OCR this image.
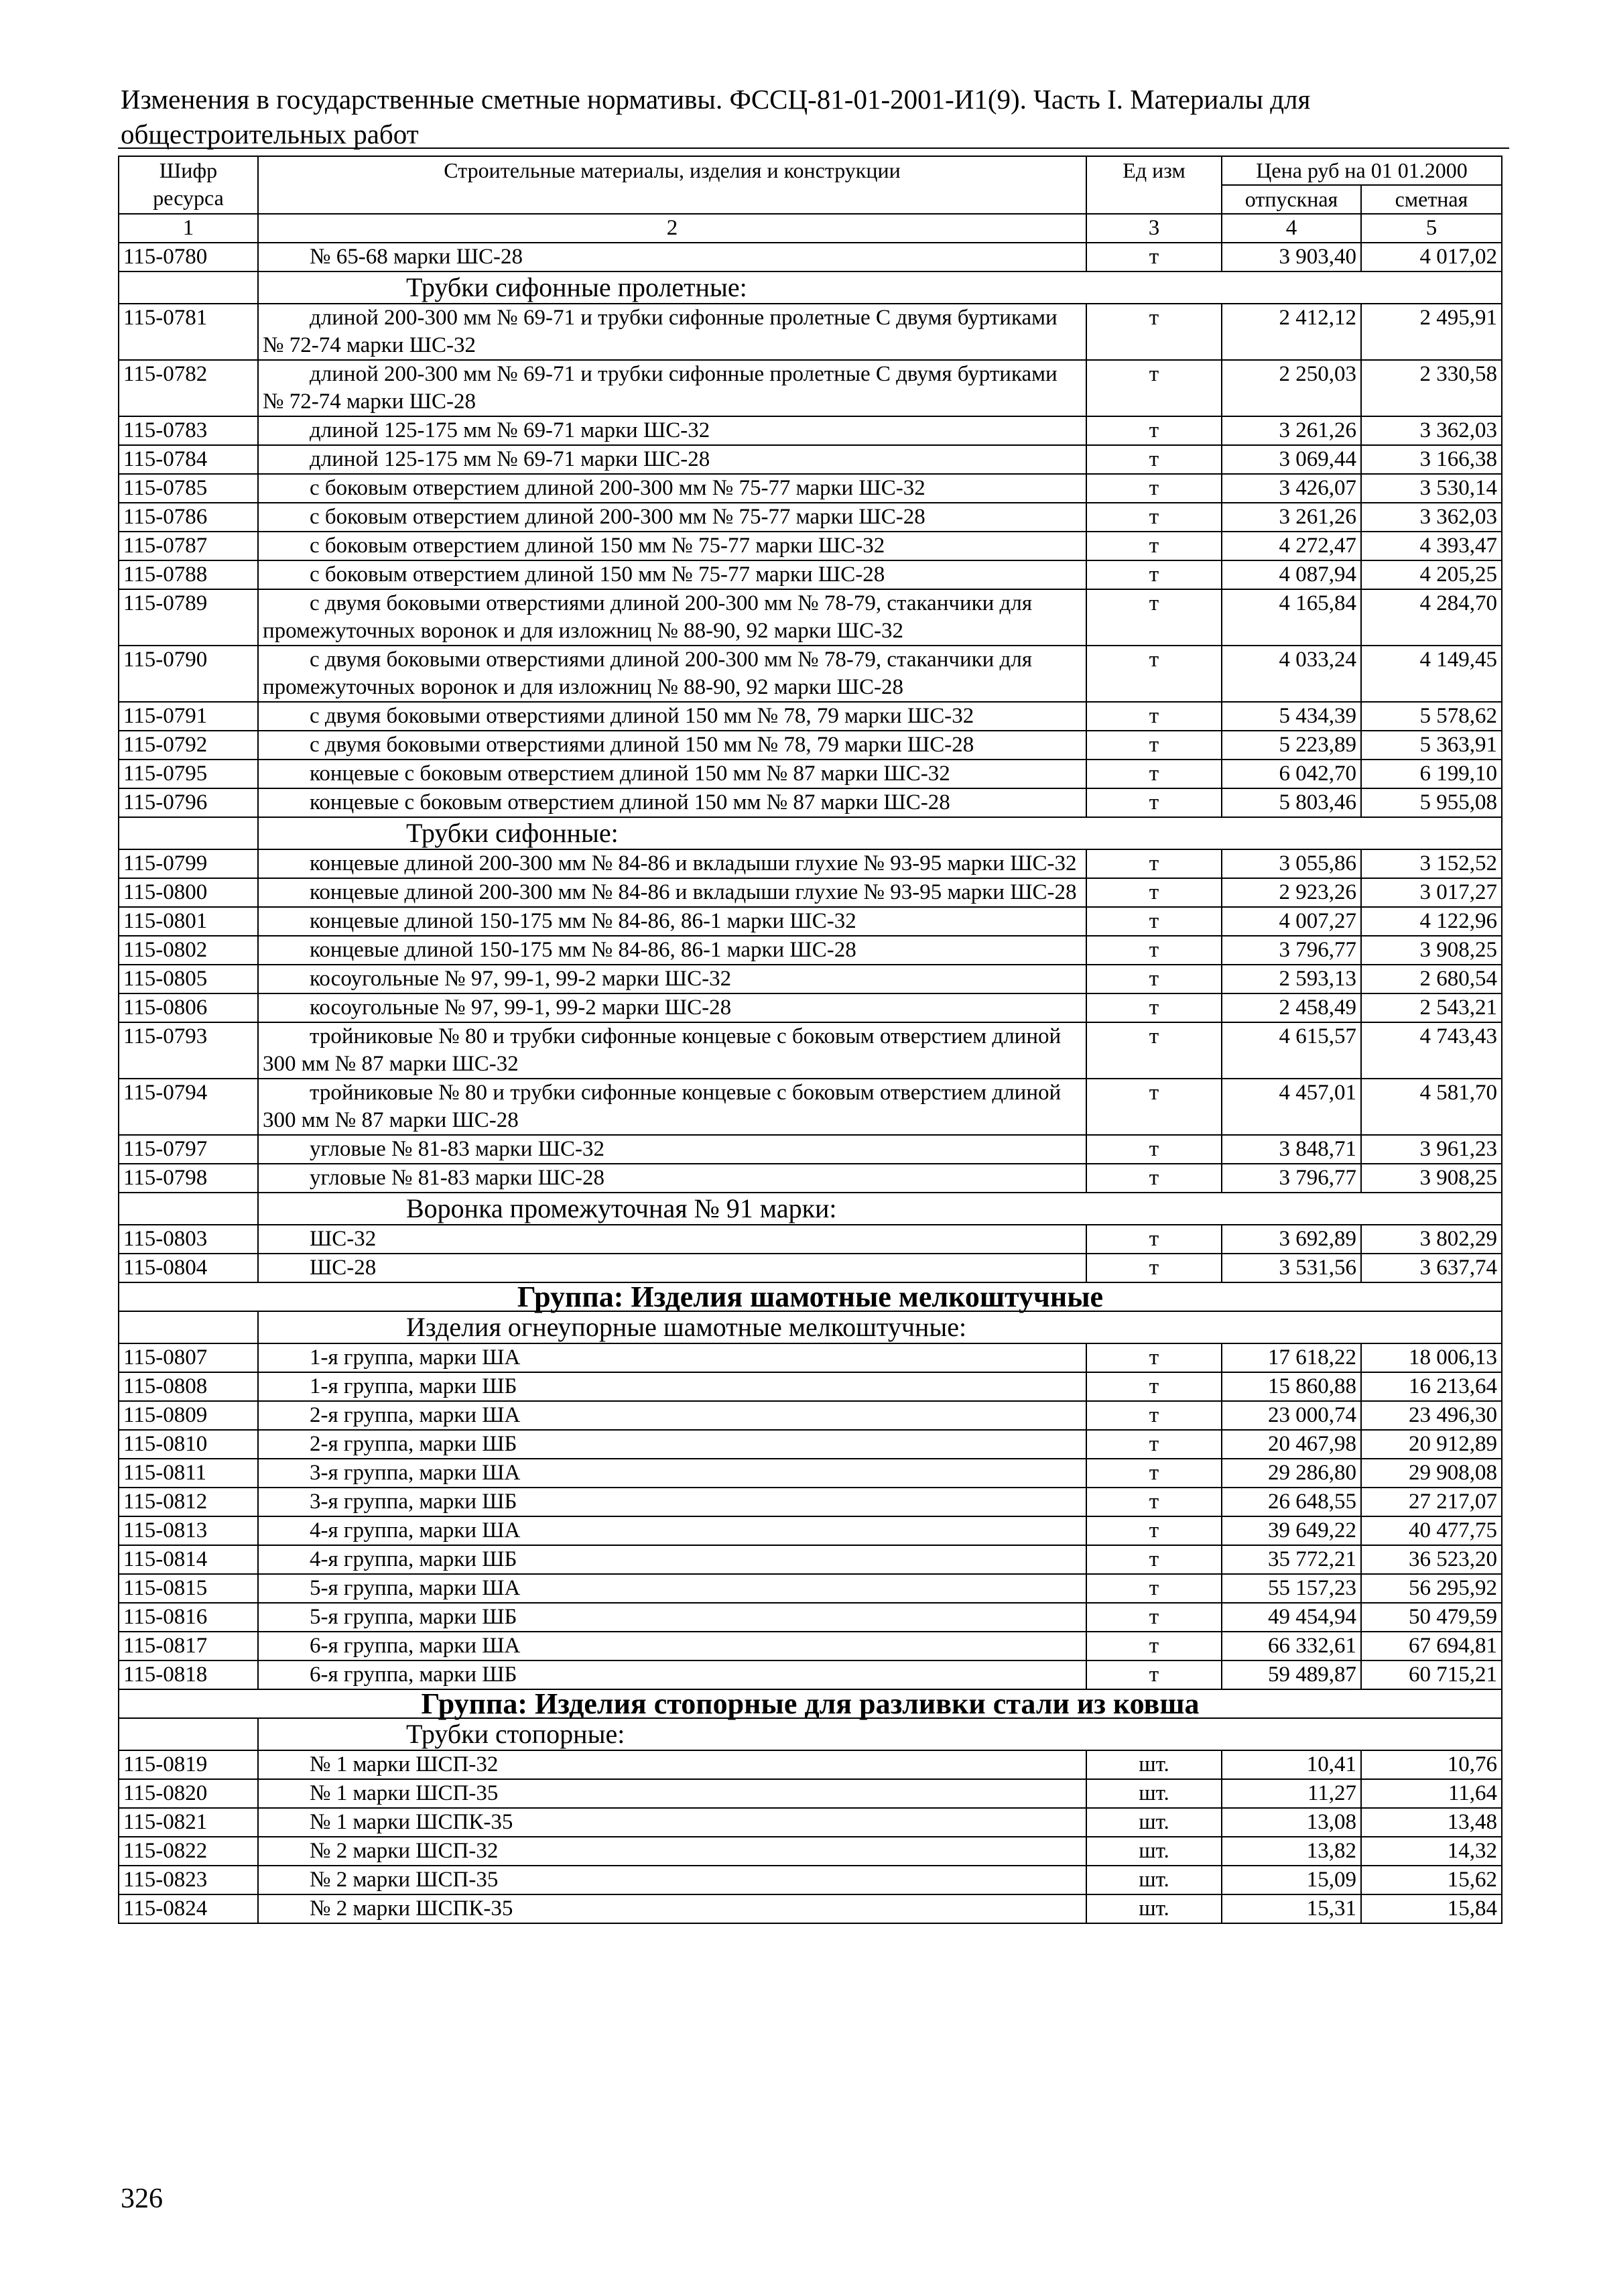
Изменения в государственные сметные нормативы. ФССЦ-81-01-2001-И1(9). Часть I. Материалы для общестроительных работ
Шифр ресурса	Строительные материалы, изделия и конструкции	Ед изм	Цена руб на 01 01.2000	
			отпускная	сметная
1	2	3	4	5
115-0780	№ 65-68 марки ШС-28	т	3 903,40	4 017,02
	Трубки сифонные пролетные:			
115-0781	длиной 200-300 мм № 69-71 и трубки сифонные пролетные С двумя буртиками № 72-74 марки ШС-32	т	2 412,12	2 495,91
115-0782	длиной 200-300 мм № 69-71 и трубки сифонные пролетные С двумя буртиками № 72-74 марки ШС-28	т	2 250,03	2 330,58
115-0783	длиной 125-175 мм № 69-71 марки ШС-32	т	3 261,26	3 362,03
115-0784	длиной 125-175 мм № 69-71 марки ШС-28	т	3 069,44	3 166,38
115-0785	с боковым отверстием длиной 200-300 мм № 75-77 марки ШС-32	т	3 426,07	3 530,14
115-0786	с боковым отверстием длиной 200-300 мм № 75-77 марки ШС-28	т	3 261,26	3 362,03
115-0787	с боковым отверстием длиной 150 мм № 75-77 марки ШС-32	т	4 272,47	4 393,47
115-0788	с боковым отверстием длиной 150 мм № 75-77 марки ШС-28	т	4 087,94	4 205,25
115-0789	с двумя боковыми отверстиями длиной 200-300 мм № 78-79, стаканчики для промежуточных воронок и для изложниц № 88-90, 92 марки ШС-32	т	4 165,84	4 284,70
115-0790	с двумя боковыми отверстиями длиной 200-300 мм № 78-79, стаканчики для промежуточных воронок и для изложниц № 88-90, 92 марки ШС-28	т	4 033,24	4 149,45
115-0791	с двумя боковыми отверстиями длиной 150 мм № 78, 79 марки ШС-32	т	5 434,39	5 578,62
115-0792	с двумя боковыми отверстиями длиной 150 мм № 78, 79 марки ШС-28	т	5 223,89	5 363,91
115-0795	концевые с боковым отверстием длиной 150 мм № 87 марки ШС-32	т	6 042,70	6 199,10
115-0796	концевые с боковым отверстием длиной 150 мм № 87 марки ШС-28	т	5 803,46	5 955,08
	Трубки сифонные:			
115-0799	концевые длиной 200-300 мм № 84-86 и вкладыши глухие № 93-95 марки ШС-32	т	3 055,86	3 152,52
115-0800	концевые длиной 200-300 мм № 84-86 и вкладыши глухие № 93-95 марки ШС-28	т	2 923,26	3 017,27
115-0801	концевые длиной 150-175 мм № 84-86, 86-1 марки ШС-32	т	4 007,27	4 122,96
115-0802	концевые длиной 150-175 мм № 84-86, 86-1 марки ШС-28	т	3 796,77	3 908,25
115-0805	косоугольные № 97, 99-1, 99-2 марки ШС-32	т	2 593,13	2 680,54
115-0806	косоугольные № 97, 99-1, 99-2 марки ШС-28	т	2 458,49	2 543,21
115-0793	тройниковые № 80 и трубки сифонные концевые с боковым отверстием длиной 300 мм № 87 марки ШС-32	т	4 615,57	4 743,43
115-0794	тройниковые № 80 и трубки сифонные концевые с боковым отверстием длиной 300 мм № 87 марки ШС-28	т	4 457,01	4 581,70
115-0797	угловые № 81-83 марки ШС-32	т	3 848,71	3 961,23
115-0798	угловые № 81-83 марки ШС-28	т	3 796,77	3 908,25
	Воронка промежуточная № 91 марки:			
115-0803	ШС-32	т	3 692,89	3 802,29
115-0804	ШС-28	т	3 531,56	3 637,74
Группа: Изделия шамотные мелкоштучные				
	Изделия огнеупорные шамотные мелкоштучные:			
115-0807	1-я группа, марки ША	т	17 618,22	18 006,13
115-0808	1-я группа, марки ШБ	т	15 860,88	16 213,64
115-0809	2-я группа, марки ША	т	23 000,74	23 496,30
115-0810	2-я группа, марки ШБ	т	20 467,98	20 912,89
115-0811	3-я группа, марки ША	т	29 286,80	29 908,08
115-0812	3-я группа, марки ШБ	т	26 648,55	27 217,07
115-0813	4-я группа, марки ША	т	39 649,22	40 477,75
115-0814	4-я группа, марки ШБ	т	35 772,21	36 523,20
115-0815	5-я группа, марки ША	т	55 157,23	56 295,92
115-0816	5-я группа, марки ШБ	т	49 454,94	50 479,59
115-0817	6-я группа, марки ША	т	66 332,61	67 694,81
115-0818	6-я группа, марки ШБ	т	59 489,87	60 715,21
Группа: Изделия стопорные для разливки стали из ковша				
	Трубки стопорные:			
115-0819	№ 1 марки ШСП-32	шт.	10,41	10,76
115-0820	№ 1 марки ШСП-35	шт.	11,27	11,64
115-0821	№ 1 марки ШСПК-35	шт.	13,08	13,48
115-0822	№ 2 марки ШСП-32	шт.	13,82	14,32
115-0823	№ 2 марки ШСП-35	шт.	15,09	15,62
115-0824	№ 2 марки ШСПК-35	шт.	15,31	15,84
326
